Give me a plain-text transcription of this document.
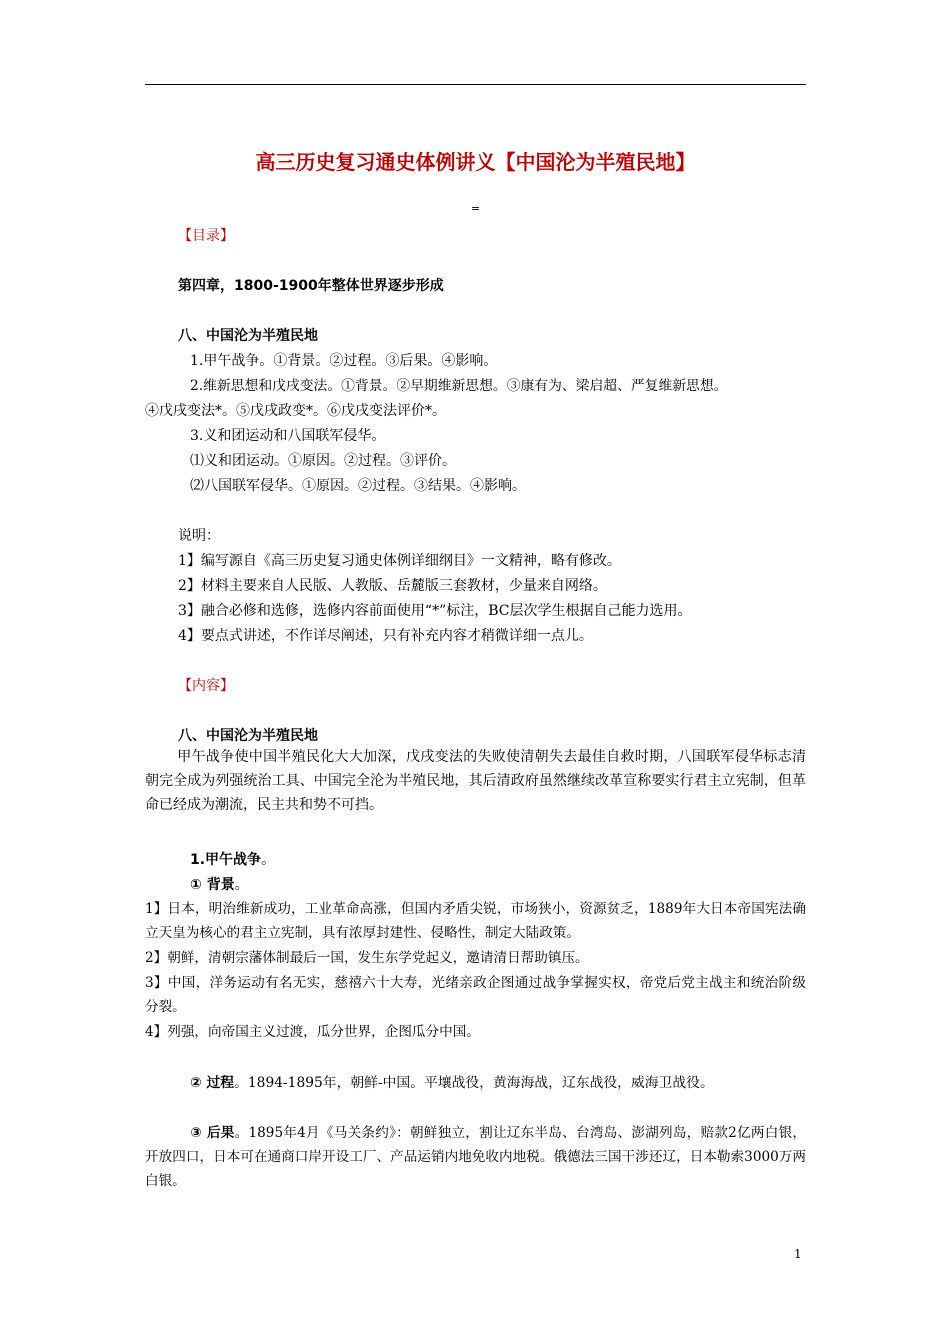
高三历史复习通史体例讲义【中国沦为半殖民地】
=

【目录】

第四章，1800-1900年整体世界逐步形成

八、中国沦为半殖民地

1.甲午战争。①背景。②过程。③后果。④影响。

2.维新思想和戊戌变法。①背景。②早期维新思想。③康有为、梁启超、严复维新思想。

④戊戌变法*。⑤戊戌政变*。⑥戊戌变法评价*。

3.义和团运动和八国联军侵华。

⑴义和团运动。①原因。②过程。③评价。

⑵八国联军侵华。①原因。②过程。③结果。④影响。

说明：

1】编写源自《高三历史复习通史体例详细纲目》一文精神，略有修改。

2】材料主要来自人民版、人教版、岳麓版三套教材，少量来自网络。

3】融合必修和选修，选修内容前面使用“*”标注，BC层次学生根据自己能力选用。

4】要点式讲述，不作详尽阐述，只有补充内容才稍微详细一点儿。

【内容】

八、中国沦为半殖民地

甲午战争使中国半殖民化大大加深，戊戌变法的失败使清朝失去最佳自救时期，八国联军侵华标志清朝完全成为列强统治工具、中国完全沦为半殖民地，其后清政府虽然继续改革宣称要实行君主立宪制，但革命已经成为潮流，民主共和势不可挡。

1.甲午战争。

① 背景。

1】日本，明治维新成功，工业革命高涨，但国内矛盾尖锐，市场狭小，资源贫乏，1889年大日本帝国宪法确立天皇为核心的君主立宪制，具有浓厚封建性、侵略性，制定大陆政策。

2】朝鲜，清朝宗藩体制最后一国，发生东学党起义，邀请清日帮助镇压。

3】中国，洋务运动有名无实，慈禧六十大寿，光绪亲政企图通过战争掌握实权，帝党后党主战主和统治阶级分裂。

4】列强，向帝国主义过渡，瓜分世界，企图瓜分中国。

② 过程。1894-1895年，朝鲜-中国。平壤战役，黄海海战，辽东战役，威海卫战役。

③ 后果。1895年4月《马关条约》：朝鲜独立，割让辽东半岛、台湾岛、澎湖列岛，赔款2亿两白银，开放四口，日本可在通商口岸开设工厂、产品运销内地免收内地税。俄德法三国干涉还辽，日本勒索3000万两白银。

1
